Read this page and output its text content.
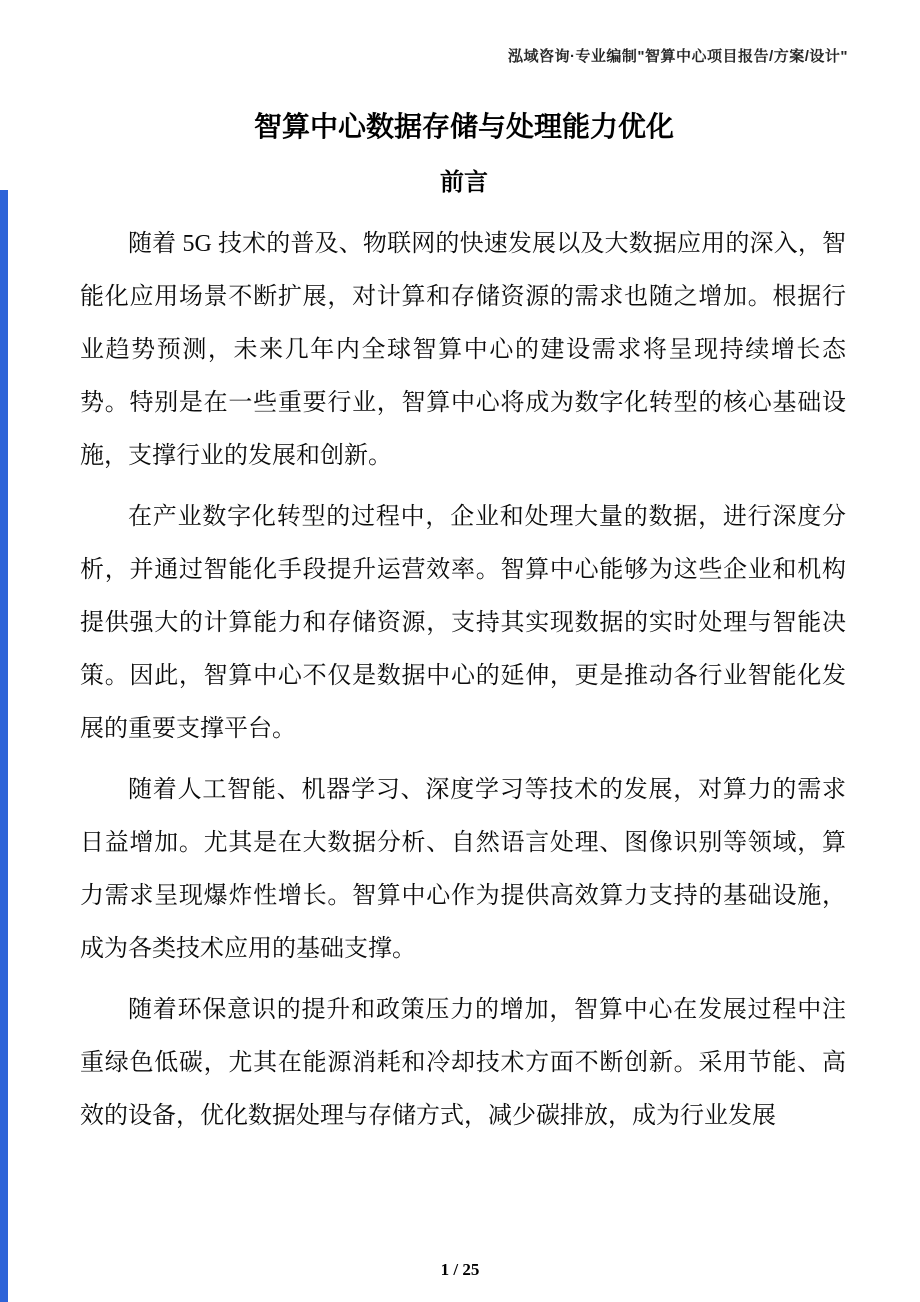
泓域咨询·专业编制"智算中心项目报告/方案/设计"
智算中心数据存储与处理能力优化
前言

随着 5G 技术的普及、物联网的快速发展以及大数据应用的深入，智能化应用场景不断扩展，对计算和存储资源的需求也随之增加。根据行业趋势预测，未来几年内全球智算中心的建设需求将呈现持续增长态势。特别是在一些重要行业，智算中心将成为数字化转型的核心基础设施，支撑行业的发展和创新。

在产业数字化转型的过程中，企业和处理大量的数据，进行深度分析，并通过智能化手段提升运营效率。智算中心能够为这些企业和机构提供强大的计算能力和存储资源，支持其实现数据的实时处理与智能决策。因此，智算中心不仅是数据中心的延伸，更是推动各行业智能化发展的重要支撑平台。

随着人工智能、机器学习、深度学习等技术的发展，对算力的需求日益增加。尤其是在大数据分析、自然语言处理、图像识别等领域，算力需求呈现爆炸性增长。智算中心作为提供高效算力支持的基础设施，成为各类技术应用的基础支撑。

随着环保意识的提升和政策压力的增加，智算中心在发展过程中注重绿色低碳，尤其在能源消耗和冷却技术方面不断创新。采用节能、高效的设备，优化数据处理与存储方式，减少碳排放，成为行业发展

1 / 25
